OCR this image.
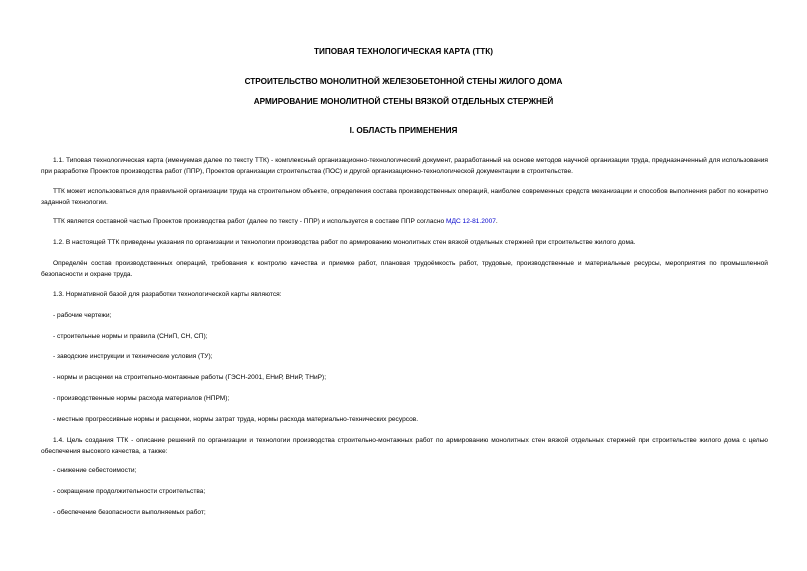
ТИПОВАЯ ТЕХНОЛОГИЧЕСКАЯ КАРТА (ТТК)
СТРОИТЕЛЬСТВО МОНОЛИТНОЙ ЖЕЛЕЗОБЕТОННОЙ СТЕНЫ ЖИЛОГО ДОМА
АРМИРОВАНИЕ МОНОЛИТНОЙ СТЕНЫ ВЯЗКОЙ ОТДЕЛЬНЫХ СТЕРЖНЕЙ
I. ОБЛАСТЬ ПРИМЕНЕНИЯ
1.1. Типовая технологическая карта (именуемая далее по тексту ТТК) - комплексный организационно-технологический документ, разработанный на основе методов научной организации труда, предназначенный для использования при разработке Проектов производства работ (ППР), Проектов организации строительства (ПОС) и другой организационно-технологической документации в строительстве.
ТТК может использоваться для правильной организации труда на строительном объекте, определения состава производственных операций, наиболее современных средств механизации и способов выполнения работ по конкретно заданной технологии.
ТТК является составной частью Проектов производства работ (далее по тексту - ППР) и используется в составе ППР согласно МДС 12-81.2007.
1.2. В настоящей ТТК приведены указания по организации и технологии производства работ по армированию монолитных стен вязкой отдельных стержней при строительстве жилого дома.
Определён состав производственных операций, требования к контролю качества и приемке работ, плановая трудоёмкость работ, трудовые, производственные и материальные ресурсы, мероприятия по промышленной безопасности и охране труда.
1.3. Нормативной базой для разработки технологической карты являются:
- рабочие чертежи;
- строительные нормы и правила (СНиП, СН, СП);
- заводские инструкции и технические условия (ТУ);
- нормы и расценки на строительно-монтажные работы (ГЭСН-2001, ЕНиР, ВНиР, ТНиР);
- производственные нормы расхода материалов (НПРМ);
- местные прогрессивные нормы и расценки, нормы затрат труда, нормы расхода материально-технических ресурсов.
1.4. Цель создания ТТК - описание решений по организации и технологии производства строительно-монтажных работ по армированию монолитных стен вязкой отдельных стержней при строительстве жилого дома с целью обеспечения высокого качества, а также:
- снижение себестоимости;
- сокращение продолжительности строительства;
- обеспечение безопасности выполняемых работ;
